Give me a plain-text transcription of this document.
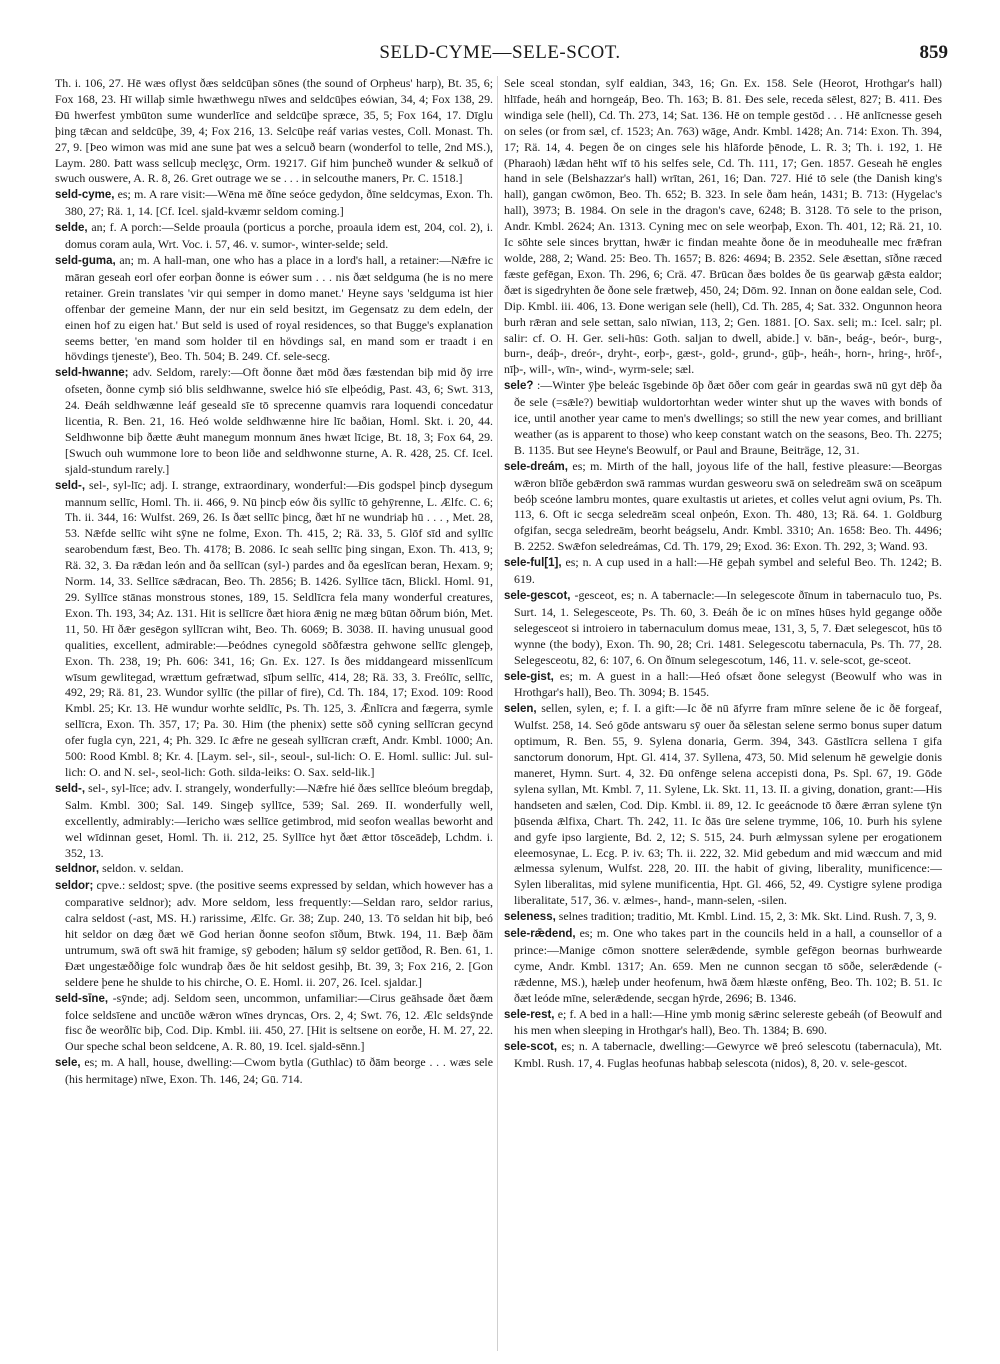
SELD-CYME—SELE-SCOT.	859

Th. i. 106, 27. Hē wæs oflyst ðæs seldcūþan sōnes (the sound of Orpheus' harp), Bt. 35, 6; Fox 168, 23. Hī willaþ simle hwæthwegu nīwes and seldcūþes eówian, 34, 4; Fox 138, 29. Ðū hwerfest ymbūton sume wunderlīce and seldcūþe spræce, 35, 5; Fox 164, 17. Dīglu þing tǣcan and seldcūþe, 39, 4; Fox 216, 13. Selcūþe reáf varias vestes, Coll. Monast. Th. 27, 9. [Þeo wimon was mid ane sune þat wes a selcuð bearn (wonderfol to telle, 2nd MS.), Laym. 280. Þatt wass sellcuþ meclęʒc, Orm. 19217. Gif him þuncheð wunder & selkuð of swuch ouswere, A. R. 8, 26. Gret outrage we se . . . in selcouthe maners, Pr. C. 1518.]

seld-cyme, es; m. A rare visit:—Wēna mē ðīne seóce gedydon, ðīne seldcymas, Exon. Th. 380, 27; Rä. 1, 14. [Cf. Icel. sjald-kvæmr seldom coming.]

selde, an; f. A porch:—Selde proaula (porticus a porche, proaula idem est, 204, col. 2), i. domus coram aula, Wrt. Voc. i. 57, 46. v. sumor-, winter-selde; seld.

seld-guma, an; m. A hall-man, one who has a place in a lord's hall, a retainer:—Nǣfre ic māran geseah eorl ofer eorþan ðonne is eówer sum . . . nis ðæt seldguma (he is no mere retainer. Grein translates 'vir qui semper in domo manet.' Heyne says 'seldguma ist hier offenbar der gemeine Mann, der nur ein seld besitzt, im Gegensatz zu dem edeln, der einen hof zu eigen hat.' But seld is used of royal residences, so that Bugge's explanation seems better, 'en mand som holder til en hövdings sal, en mand som er traadt i en hövdings tjeneste'), Beo. Th. 504; B. 249. Cf. sele-secg.

seld-hwanne; adv. Seldom, rarely:—Oft ðonne ðæt mōd ðæs fæstendan biþ mid ðȳ irre ofseten, ðonne cymþ sió blis seldhwanne, swelce hió sīe elþeódig, Past. 43, 6; Swt. 313, 24. Ðeáh seldhwænne leáf geseald sīe tō sprecenne quamvis rara loquendi concedatur licentia, R. Ben. 21, 16. Heó wolde seldhwænne hire līc baðian, Homl. Skt. i. 20, 44. Seldhwonne biþ ðætte ǣuht manegum monnum ānes hwæt līcige, Bt. 18, 3; Fox 64, 29. [Swuch ouh wummone lore to beon liðe and seldhwonne sturne, A. R. 428, 25. Cf. Icel. sjald-stundum rarely.]

seld-, sel-, syl-līc; adj. I. strange, extraordinary, wonderful:—Ðis godspel þincþ dysegum mannum sellīc, Homl. Th. ii. 466, 9. Nū þincþ eów ðis syllīc tō gehȳrenne, L. Ælfc. C. 6; Th. ii. 344, 16: Wulfst. 269, 26. Is ðæt sellīc þincg, ðæt hī ne wundriaþ hū . . . , Met. 28, 53. Nǣfde sellīc wiht sȳne ne folme, Exon. Th. 415, 2; Rä. 33, 5. Glōf sīd and syllīc searobendum fæst, Beo. Th. 4178; B. 2086. Ic seah sellīc þing singan, Exon. Th. 413, 9; Rä. 32, 3. Ða rǣdan león and ða sellīcan (syl-) pardes and ða egeslīcan beran, Hexam. 9; Norm. 14, 33. Sellīce sǣdracan, Beo. Th. 2856; B. 1426. Syllīce tācn, Blickl. Homl. 91, 29. Syllīce stānas monstrous stones, 189, 15. Seldlīcra fela many wonderful creatures, Exon. Th. 193, 34; Az. 131. Hit is sellīcre ðæt hiora ǣnig ne mæg būtan ōðrum bión, Met. 11, 50. Hī ðǣr gesēgon syllīcran wiht, Beo. Th. 6069; B. 3038. II. having unusual good qualities, excellent, admirable:—Þeódnes cynegold sōðfæstra gehwone sellīc glengeþ, Exon. Th. 238, 19; Ph. 606: 341, 16; Gn. Ex. 127. Is ðes middangeard missenlīcum wīsum gewlitegad, wrættum gefrætwad, sīþum sellīc, 414, 28; Rä. 33, 3. Freólīc, sellīc, 492, 29; Rä. 81, 23. Wundor syllīc (the pillar of fire), Cd. Th. 184, 17; Exod. 109: Rood Kmbl. 25; Kr. 13. Hē wundur worhte seldlīc, Ps. Th. 125, 3. Ǣnlīcra and fægerra, symle sellīcra, Exon. Th. 357, 17; Pa. 30. Him (the phenix) sette sōð cyning sellīcran gecynd ofer fugla cyn, 221, 4; Ph. 329. Ic ǣfre ne geseah syllīcran cræft, Andr. Kmbl. 1000; An. 500: Rood Kmbl. 8; Kr. 4. [Laym. sel-, sil-, seoul-, sul-lich: O. E. Homl. sullic: Jul. sul-lich: O. and N. sel-, seol-lich: Goth. silda-leiks: O. Sax. seld-lik.]

seld-, sel-, syl-līce; adv. I. strangely, wonderfully:—Nǣfre hié ðæs sellīce bleóum bregdaþ, Salm. Kmbl. 300; Sal. 149. Singeþ syllīce, 539; Sal. 269. II. wonderfully well, excellently, admirably:—Iericho wæs sellīce getimbrod, mid seofon weallas beworht and wel wīdinnan geset, Homl. Th. ii. 212, 25. Syllīce hyt ðæt ǣttor tōsceādeþ, Lchdm. i. 352, 13.

seldnor, seldon. v. seldan.

seldor; cpve.: seldost; spve. (the positive seems expressed by seldan, which however has a comparative seldnor); adv. More seldom, less frequently:—Seldan raro, seldor rarius, calra seldost (-ast, MS. H.) rarissime, Ælfc. Gr. 38; Zup. 240, 13. Tō seldan hit biþ, beó hit seldor on dæg ðæt wē God herian ðonne seofon sīðum, Btwk. 194, 11. Bæþ ðām untrumum, swā oft swā hit framige, sȳ geboden; hālum sȳ seldor getīðod, R. Ben. 61, 1. Ðæt ungestæððige folc wundraþ ðæs ðe hit seldost gesihþ, Bt. 39, 3; Fox 216, 2. [Gon seldere þene he shulde to his chirche, O. E. Homl. ii. 207, 26. Icel. sjaldar.]

seld-sīne, -sȳnde; adj. Seldom seen, uncommon, unfamiliar:—Cirus geāhsade ðæt ðæm folce seldsīene and uncūðe wǣron wīnes dryncas, Ors. 2, 4; Swt. 76, 12. Ælc seldsȳnde fisc ðe weorðlīc biþ, Cod. Dip. Kmbl. iii. 450, 27. [Hit is seltsene on eorðe, H. M. 27, 22. Our speche schal beon seldcene, A. R. 80, 19. Icel. sjald-sēnn.]

sele, es; m. A hall, house, dwelling:—Cwom bytla (Guthlac) tō ðām beorge . . . wæs sele (his hermitage) nīwe, Exon. Th. 146, 24; Gū. 714.

Sele sceal stondan, sylf ealdian, 343, 16; Gn. Ex. 158. Sele (Heorot, Hrothgar's hall) hlīfade, heáh and horngeáp, Beo. Th. 163; B. 81. Ðes sele, receda sēlest, 827; B. 411. Ðes windiga sele (hell), Cd. Th. 273, 14; Sat. 136. Hē on temple gestōd . . . Hē anlīcnesse geseh on seles (or from sæl, cf. 1523; An. 763) wāge, Andr. Kmbl. 1428; An. 714: Exon. Th. 394, 17; Rä. 14, 4. Þegen ðe on cinges sele his hlāforde þēnode, L. R. 3; Th. i. 192, 1. Hē (Pharaoh) lǣdan hēht wīf tō his selfes sele, Cd. Th. 111, 17; Gen. 1857. Geseah hē engles hand in sele (Belshazzar's hall) wrītan, 261, 16; Dan. 727. Hié tō sele (the Danish king's hall), gangan cwōmon, Beo. Th. 652; B. 323. In sele ðam heán, 1431; B. 713: (Hygelac's hall), 3973; B. 1984. On sele in the dragon's cave, 6248; B. 3128. Tō sele to the prison, Andr. Kmbl. 2624; An. 1313. Cyning mec on sele weorþaþ, Exon. Th. 401, 12; Rä. 21, 10. Ic sōhte sele sinces bryttan, hwǣr ic findan meahte ðone ðe in meoduhealle mec frǣfran wolde, 288, 2; Wand. 25: Beo. Th. 1657; B. 826: 4694; B. 2352. Sele ǣsettan, sīðne ræced fæste gefēgan, Exon. Th. 296, 6; Crä. 47. Brūcan ðæs boldes ðe ūs gearwaþ gǣsta ealdor; ðæt is sigedryhten ðe ðone sele frætweþ, 450, 24; Dōm. 92. Innan on ðone ealdan sele, Cod. Dip. Kmbl. iii. 406, 13. Ðone werigan sele (hell), Cd. Th. 285, 4; Sat. 332. Ongunnon heora burh rǣran and sele settan, salo nīwian, 113, 2; Gen. 1881. [O. Sax. seli; m.: Icel. salr; pl. salir: cf. O. H. Ger. seli-hūs: Goth. saljan to dwell, abide.] v. bān-, beág-, beór-, burg-, burn-, deáþ-, dreór-, dryht-, eorþ-, gæst-, gold-, grund-, gūþ-, heáh-, horn-, hring-, hrōf-, nīþ-, will-, wīn-, wind-, wyrm-sele; sæl.

sele? :—Winter ȳþe beleác īsgebinde ōþ ðæt ōðer com geár in geardas swā nū gyt dēþ ða ðe sele (=sǣle?) bewitiaþ wuldortorhtan weder winter shut up the waves with bonds of ice, until another year came to men's dwellings; so still the new year comes, and brilliant weather (as is apparent to those) who keep constant watch on the seasons, Beo. Th. 2275; B. 1135. But see Heyne's Beowulf, or Paul and Braune, Beiträge, 12, 31.

sele-dreám, es; m. Mirth of the hall, joyous life of the hall, festive pleasure:—Beorgas wǣron blīðe gebǣrdon swā rammas wurdan gesweoru swā on seledreām swā on sceāpum beóþ sceóne lambru montes, quare exultastis ut arietes, et colles velut agni ovium, Ps. Th. 113, 6. Oft ic secga seledreām sceal onþeón, Exon. Th. 480, 13; Rä. 64. 1. Goldburg ofgifan, secga seledreām, beorht beágselu, Andr. Kmbl. 3310; An. 1658: Beo. Th. 4496; B. 2252. Swǣfon seledreámas, Cd. Th. 179, 29; Exod. 36: Exon. Th. 292, 3; Wand. 93.

sele-ful[1], es; n. A cup used in a hall:—Hē geþah symbel and seleful Beo. Th. 1242; B. 619.

sele-gescot, -gesceot, es; n. A tabernacle:—In selegescote ðīnum in tabernaculo tuo, Ps. Surt. 14, 1. Selegesceote, Ps. Th. 60, 3. Ðeáh ðe ic on mīnes hūses hyld gegange oððe selegesceot si introiero in tabernaculum domus meae, 131, 3, 5, 7. Ðæt selegescot, hūs tō wynne (the body), Exon. Th. 90, 28; Cri. 1481. Selegescotu tabernacula, Ps. Th. 77, 28. Selegesceotu, 82, 6: 107, 6. On ðīnum selegescotum, 146, 11. v. sele-scot, ge-sceot.

sele-gist, es; m. A guest in a hall:—Heó ofsæt ðone selegyst (Beowulf who was in Hrothgar's hall), Beo. Th. 3094; B. 1545.

selen, sellen, sylen, e; f. I. a gift:—Ic ðē nū āfyrre fram mīnre selene ðe ic ðē forgeaf, Wulfst. 258, 14. Seó gōde antswaru sȳ ouer ða sēlestan selene sermo bonus super datum optimum, R. Ben. 55, 9. Sylena donaria, Germ. 394, 343. Gāstlīcra sellena ī gifa sanctorum donorum, Hpt. Gl. 414, 37. Syllena, 473, 50. Mid selenum hē gewelgie donis maneret, Hymn. Surt. 4, 32. Ðū onfēnge selena accepisti dona, Ps. Spl. 67, 19. Gōde sylena syllan, Mt. Kmbl. 7, 11. Sylene, Lk. Skt. 11, 13. II. a giving, donation, grant:—His handseten and sælen, Cod. Dip. Kmbl. ii. 89, 12. Ic geeácnode tō ðære ǣrran sylene tȳn þūsenda ǣlfixa, Chart. Th. 242, 11. Ic ðās ūre selene trymme, 106, 10. Þurh his sylene and gyfe ipso largiente, Bd. 2, 12; S. 515, 24. Þurh ælmyssan sylene per erogationem eleemosynae, L. Ecg. P. iv. 63; Th. ii. 222, 32. Mid gebedum and mid wæccum and mid ælmessa sylenum, Wulfst. 228, 20. III. the habit of giving, liberality, munificence:—Sylen liberalitas, mid sylene munificentia, Hpt. Gl. 466, 52, 49. Cystigre sylene prodiga liberalitate, 517, 36. v. ælmes-, hand-, mann-selen, -silen.

seleness, selnes tradition; traditio, Mt. Kmbl. Lind. 15, 2, 3: Mk. Skt. Lind. Rush. 7, 3, 9.

sele-rǣdend, es; m. One who takes part in the councils held in a hall, a counsellor of a prince:—Manige cōmon snottere selerǣdende, symble gefēgon beornas burhwearde cyme, Andr. Kmbl. 1317; An. 659. Men ne cunnon secgan tō sōðe, selerǣdende (-rǣdenne, MS.), hæleþ under heofenum, hwā ðæm hlæste onfēng, Beo. Th. 102; B. 51. Ic ðæt leóde mīne, selerǣdende, secgan hȳrde, 2696; B. 1346.

sele-rest, e; f. A bed in a hall:—Hine ymb monig sǣrinc selereste gebeáh (of Beowulf and his men when sleeping in Hrothgar's hall), Beo. Th. 1384; B. 690.

sele-scot, es; n. A tabernacle, dwelling:—Gewyrce wē þreó selescotu (tabernacula), Mt. Kmbl. Rush. 17, 4. Fuglas heofunas habbaþ selescota (nidos), 8, 20. v. sele-gescot.
